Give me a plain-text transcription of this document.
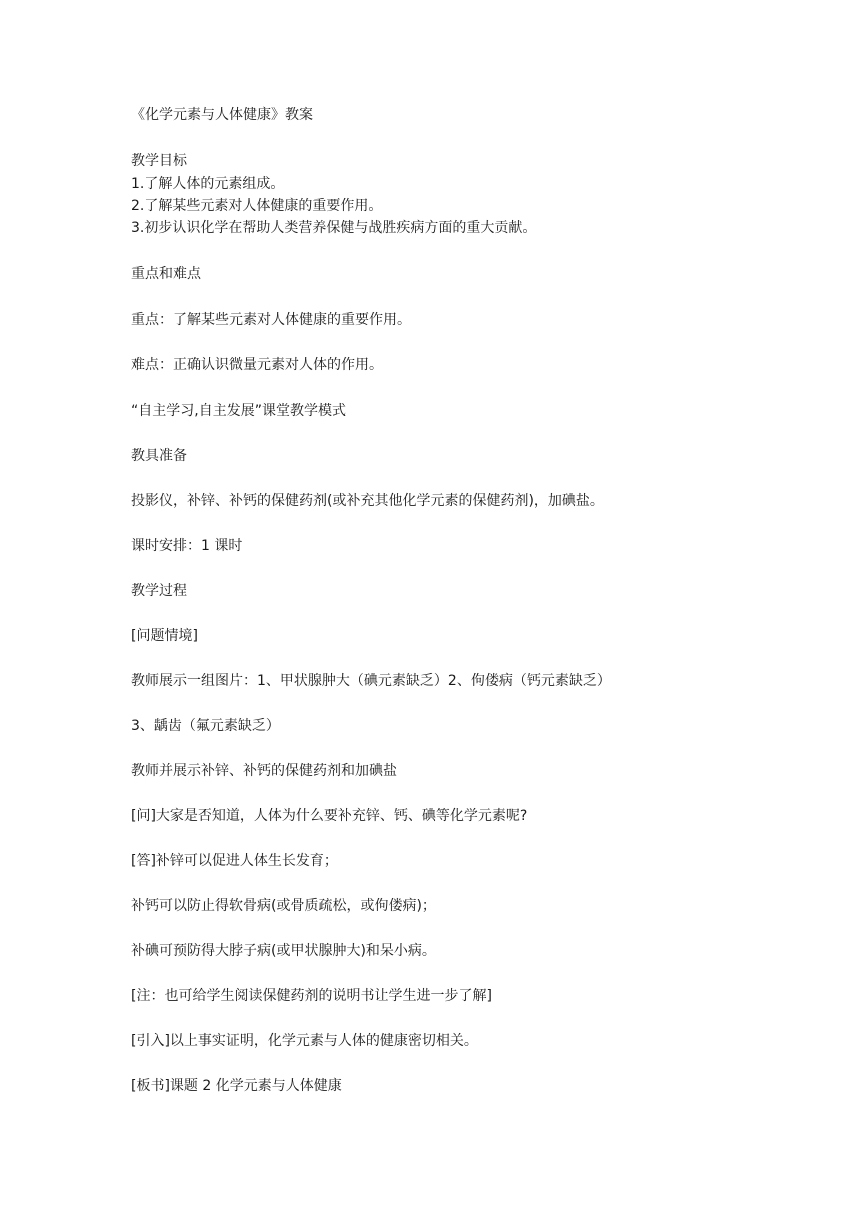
《化学元素与人体健康》教案
教学目标
1.了解人体的元素组成。
2.了解某些元素对人体健康的重要作用。
3.初步认识化学在帮助人类营养保健与战胜疾病方面的重大贡献。
重点和难点
重点：了解某些元素对人体健康的重要作用。
难点：正确认识微量元素对人体的作用。
“自主学习,自主发展”课堂教学模式
教具准备
投影仪，补锌、补钙的保健药剂(或补充其他化学元素的保健药剂)，加碘盐。
课时安排：1 课时
教学过程
[问题情境]
教师展示一组图片：1、甲状腺肿大（碘元素缺乏）2、佝偻病（钙元素缺乏）
3、龋齿（氟元素缺乏）
教师并展示补锌、补钙的保健药剂和加碘盐
[问]大家是否知道，人体为什么要补充锌、钙、碘等化学元素呢?
[答]补锌可以促进人体生长发育；
补钙可以防止得软骨病(或骨质疏松，或佝偻病)；
补碘可预防得大脖子病(或甲状腺肿大)和呆小病。
[注：也可给学生阅读保健药剂的说明书让学生进一步了解]
[引入]以上事实证明，化学元素与人体的健康密切相关。
[板书]课题 2 化学元素与人体健康
